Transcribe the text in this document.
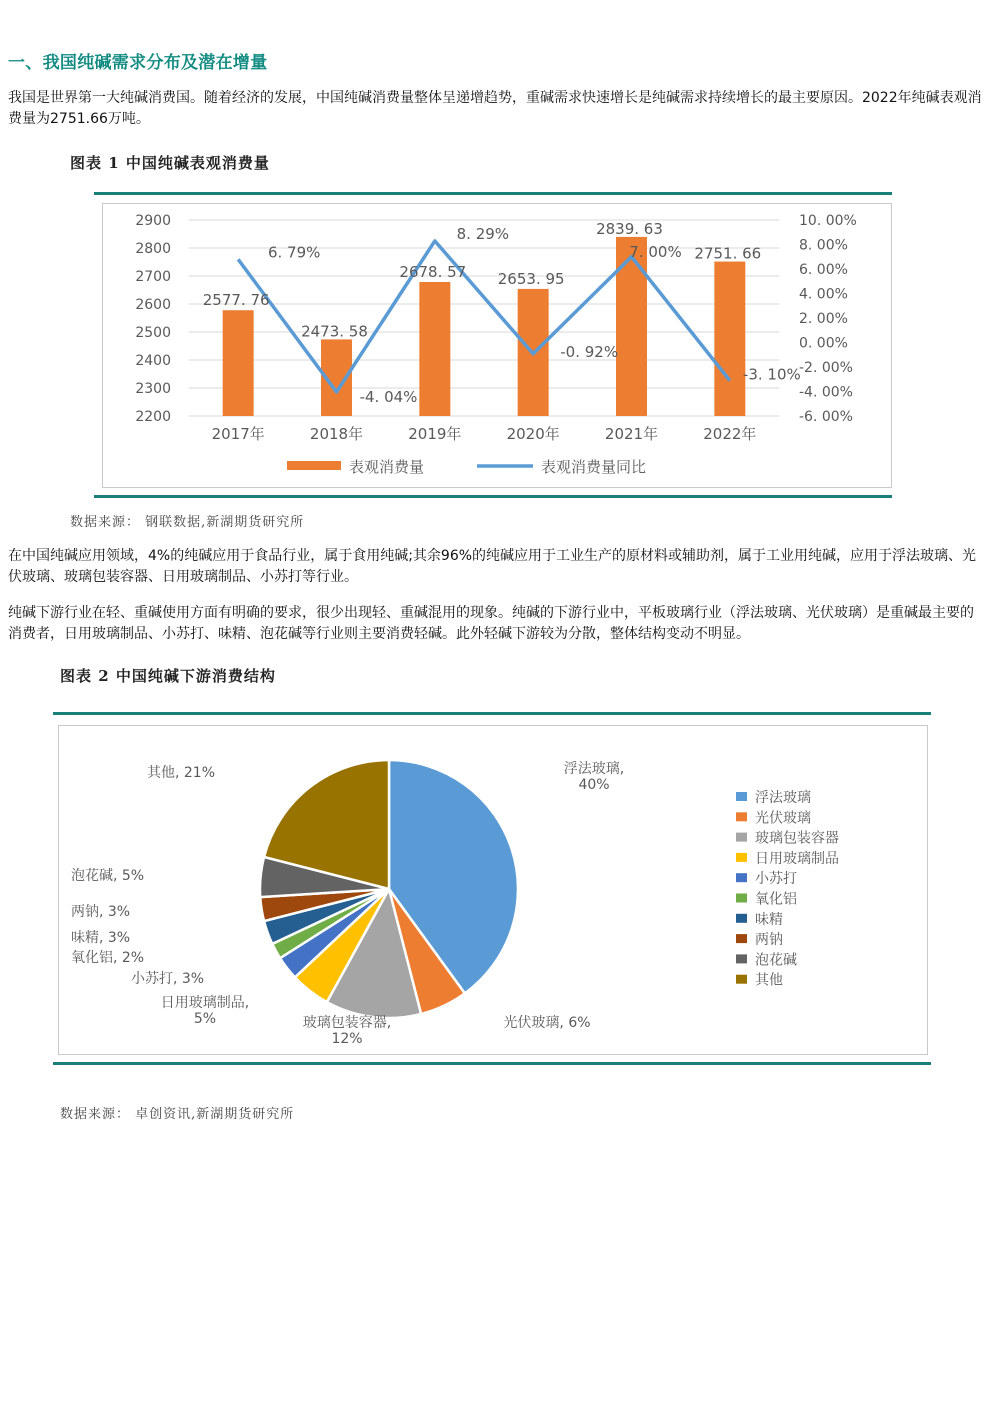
一、我国纯碱需求分布及潜在增量
我国是世界第一大纯碱消费国。随着经济的发展，中国纯碱消费量整体呈递增趋势，重碱需求快速增长是纯碱需求持续增长的最主要原因。2022年纯碱表观消费量为2751.66万吨。
图表 1 中国纯碱表观消费量
2900
2800
2700
2600
2500
2400
2300
2200
10. 00%
8. 00%
6. 00%
4. 00%
2. 00%
0. 00%
-2. 00%
-4. 00%
-6. 00%
2017年	2018年	2019年	2020年	2021年	2022年
2577. 76
2473. 58
2678. 57 2653. 95
2839. 63
2751. 66
6. 79%
-4. 04%
8. 29%
-0. 92%
7. 00%
-3. 10%
表观消费量	表观消费量同比
数据来源： 钢联数据,新湖期货研究所
在中国纯碱应用领域，4%的纯碱应用于食品行业，属于食用纯碱;其余96%的纯碱应用于工业生产的原材料或辅助剂，属于工业用纯碱，应用于浮法玻璃、光伏玻璃、玻璃包装容器、日用玻璃制品、小苏打等行业。
纯碱下游行业在轻、重碱使用方面有明确的要求，很少出现轻、重碱混用的现象。纯碱的下游行业中，平板玻璃行业（浮法玻璃、光伏玻璃）是重碱最主要的消费者，日用玻璃制品、小苏打、味精、泡花碱等行业则主要消费轻碱。此外轻碱下游较为分散，整体结构变动不明显。
图表 2 中国纯碱下游消费结构
浮法玻璃, 40%
光伏玻璃, 6%
玻璃包装容器, 12%
日用玻璃制品, 5%
小苏打, 3%
氧化铝, 2%
味精, 3%
两钠, 3%
泡花碱, 5%
其他, 21%
浮法玻璃
光伏玻璃
玻璃包装容器
日用玻璃制品
小苏打
氧化铝
味精
两钠
泡花碱
其他
数据来源： 卓创资讯,新湖期货研究所
